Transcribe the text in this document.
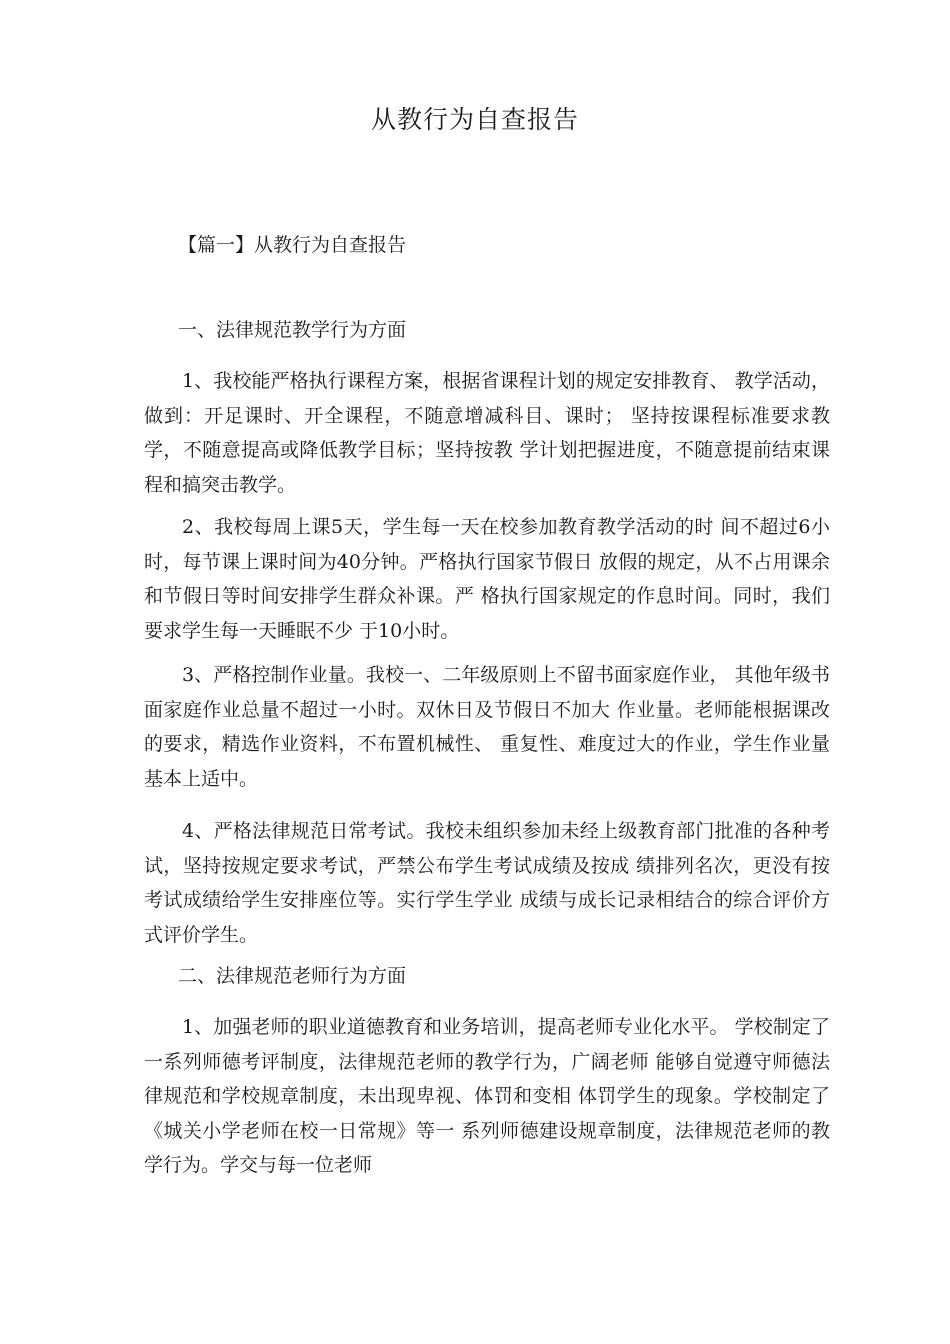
从教行为自查报告
【篇一】从教行为自查报告
一、法律规范教学行为方面

1、我校能严格执行课程方案，根据省课程计划的规定安排教育、 教学活动，做到：开足课时、开全课程，不随意增减科目、课时； 坚持按课程标准要求教学，不随意提高或降低教学目标；坚持按教 学计划把握进度，不随意提前结束课程和搞突击教学。

2、我校每周上课5天，学生每一天在校参加教育教学活动的时 间不超过6小时，每节课上课时间为40分钟。严格执行国家节假日 放假的规定，从不占用课余和节假日等时间安排学生群众补课。严 格执行国家规定的作息时间。同时，我们要求学生每一天睡眠不少 于10小时。

3、严格控制作业量。我校一、二年级原则上不留书面家庭作业， 其他年级书面家庭作业总量不超过一小时。双休日及节假日不加大 作业量。老师能根据课改的要求，精选作业资料，不布置机械性、 重复性、难度过大的作业，学生作业量基本上适中。

4、严格法律规范日常考试。我校未组织参加未经上级教育部门批准的各种考试，坚持按规定要求考试，严禁公布学生考试成绩及按成 绩排列名次，更没有按考试成绩给学生安排座位等。实行学生学业 成绩与成长记录相结合的综合评价方式评价学生。

二、法律规范老师行为方面

1、加强老师的职业道德教育和业务培训，提高老师专业化水平。 学校制定了一系列师德考评制度，法律规范老师的教学行为，广阔老师 能够自觉遵守师德法律规范和学校规章制度，未出现卑视、体罚和变相 体罚学生的现象。学校制定了《城关小学老师在校一日常规》等一 系列师德建设规章制度，法律规范老师的教学行为。学交与每一位老师
